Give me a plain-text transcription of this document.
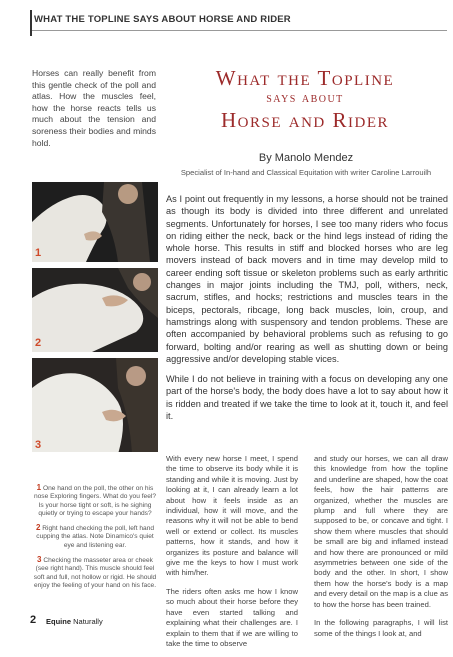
WHAT THE TOPLINE SAYS ABOUT HORSE AND RIDER
Horses can really benefit from this gentle check of the poll and atlas. How the muscles feel, how the horse reacts tells us much about the tension and soreness their bodies and minds hold.
What the Topline
says about
Horse and Rider
By Manolo Mendez
Specialist of In-hand and Classical Equitation with writer Caroline Larrouilh
1
2
3

As I point out frequently in my lessons, a horse should not be trained as though its body is divided into three different and unrelated segments. Unfortunately for horses, I see too many riders who focus on riding either the neck, back or the hind legs instead of riding the whole horse. This results in stiff and blocked horses who are leg movers instead of back movers and in time may develop mild to career ending soft tissue or skeleton problems such as early arthritic changes in major joints including the TMJ, poll, withers, neck, sacrum, stifles, and hocks; restrictions and muscles tears in the biceps, pectorals, ribcage, long back muscles, loin, croup, and hamstrings along with suspensory and tendon problems. These are often accompanied by behavioral problems such as refusing to go forward, bolting and/or rearing as well as shutting down or being aggressive and/or developing stable vices.

While I do not believe in training with a focus on developing any one part of the horse's body, the body does have a lot to say about how it is ridden and treated if we take the time to look at it, touch it, and feel it.

1 One hand on the poll, the other on his nose Exploring fingers. What do you feel? Is your horse tight or soft, is he sighing quietly or trying to escape your hands?

2 Right hand checking the poll, left hand cupping the atlas. Note Dinamico's quiet eye and listening ear.

3 Checking the masseter area or cheek (see right hand). This muscle should feel soft and full, not hollow or rigid. He should enjoy the feeling of your hand on his face.

With every new horse I meet, I spend the time to observe its body while it is standing and while it is moving. Just by looking at it, I can already learn a lot about how it feels inside as an individual, how it will move, and the reasons why it will not be able to bend well or extend or collect. Its muscles patterns, how it stands, and how it organizes its posture and balance will give me the keys to how I must work with him/her.

The riders often asks me how I know so much about their horse before they have even started talking and explaining what their challenges are. I explain to them that if we are willing to take the time to observe

and study our horses, we can all draw this knowledge from how the topline and underline are shaped, how the coat feels, how the hair patterns are organized, whether the muscles are plump and full where they are supposed to be, or concave and tight. I show them where muscles that should be small are big and inflamed instead and how there are pronounced or mild asymmetries between one side of the body and the other. In short, I show them how the horse's body is a map and every detail on the map is a clue as to how the horse has been trained.

In the following paragraphs, I will list some of the things I look at, and

2 Equine Naturally
